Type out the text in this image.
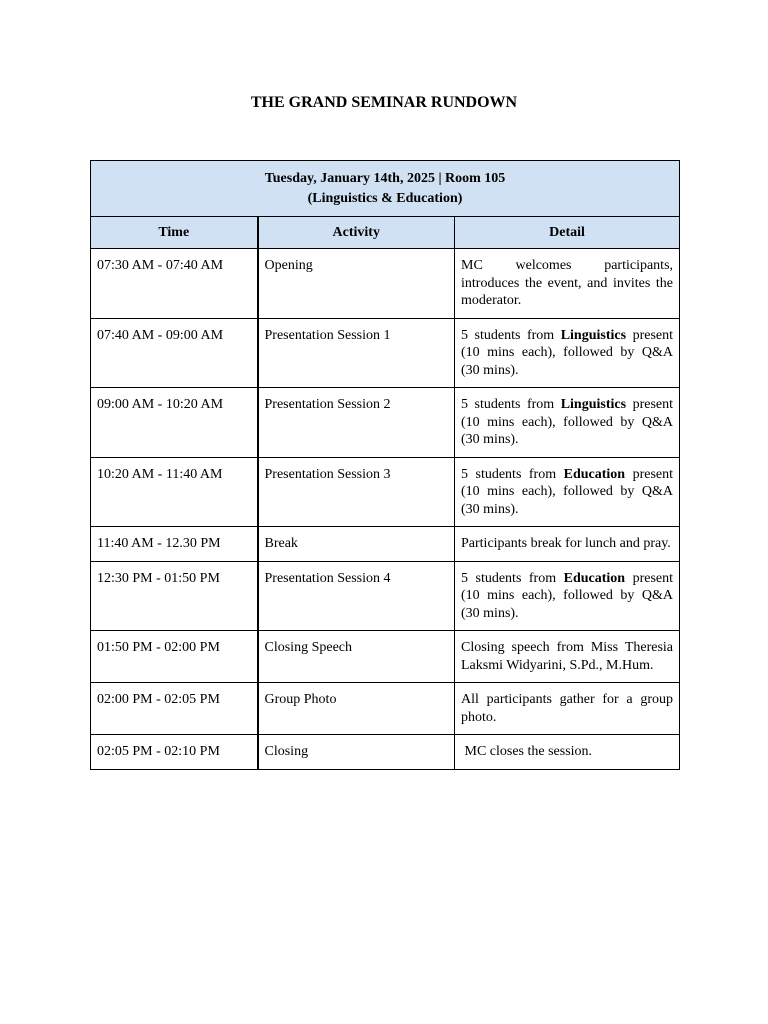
THE GRAND SEMINAR RUNDOWN
Tuesday, January 14th, 2025 | Room 105
(Linguistics & Education)		

Time	Activity	Detail
07:30 AM - 07:40 AM	Opening	MC welcomes participants, introduces the event, and invites the moderator.
07:40 AM - 09:00 AM	Presentation Session 1	5 students from Linguistics present (10 mins each), followed by Q&A (30 mins).
09:00 AM - 10:20 AM	Presentation Session 2	5 students from Linguistics present (10 mins each), followed by Q&A (30 mins).
10:20 AM - 11:40 AM	Presentation Session 3	5 students from Education present (10 mins each), followed by Q&A (30 mins).
11:40 AM - 12.30 PM	Break	Participants break for lunch and pray.
12:30 PM - 01:50 PM	Presentation Session 4	5 students from Education present (10 mins each), followed by Q&A (30 mins).
01:50 PM - 02:00 PM	Closing Speech	Closing speech from Miss Theresia Laksmi Widyarini, S.Pd., M.Hum.
02:00 PM - 02:05 PM	Group Photo	All participants gather for a group photo.
02:05 PM - 02:10 PM	Closing	MC closes the session.
